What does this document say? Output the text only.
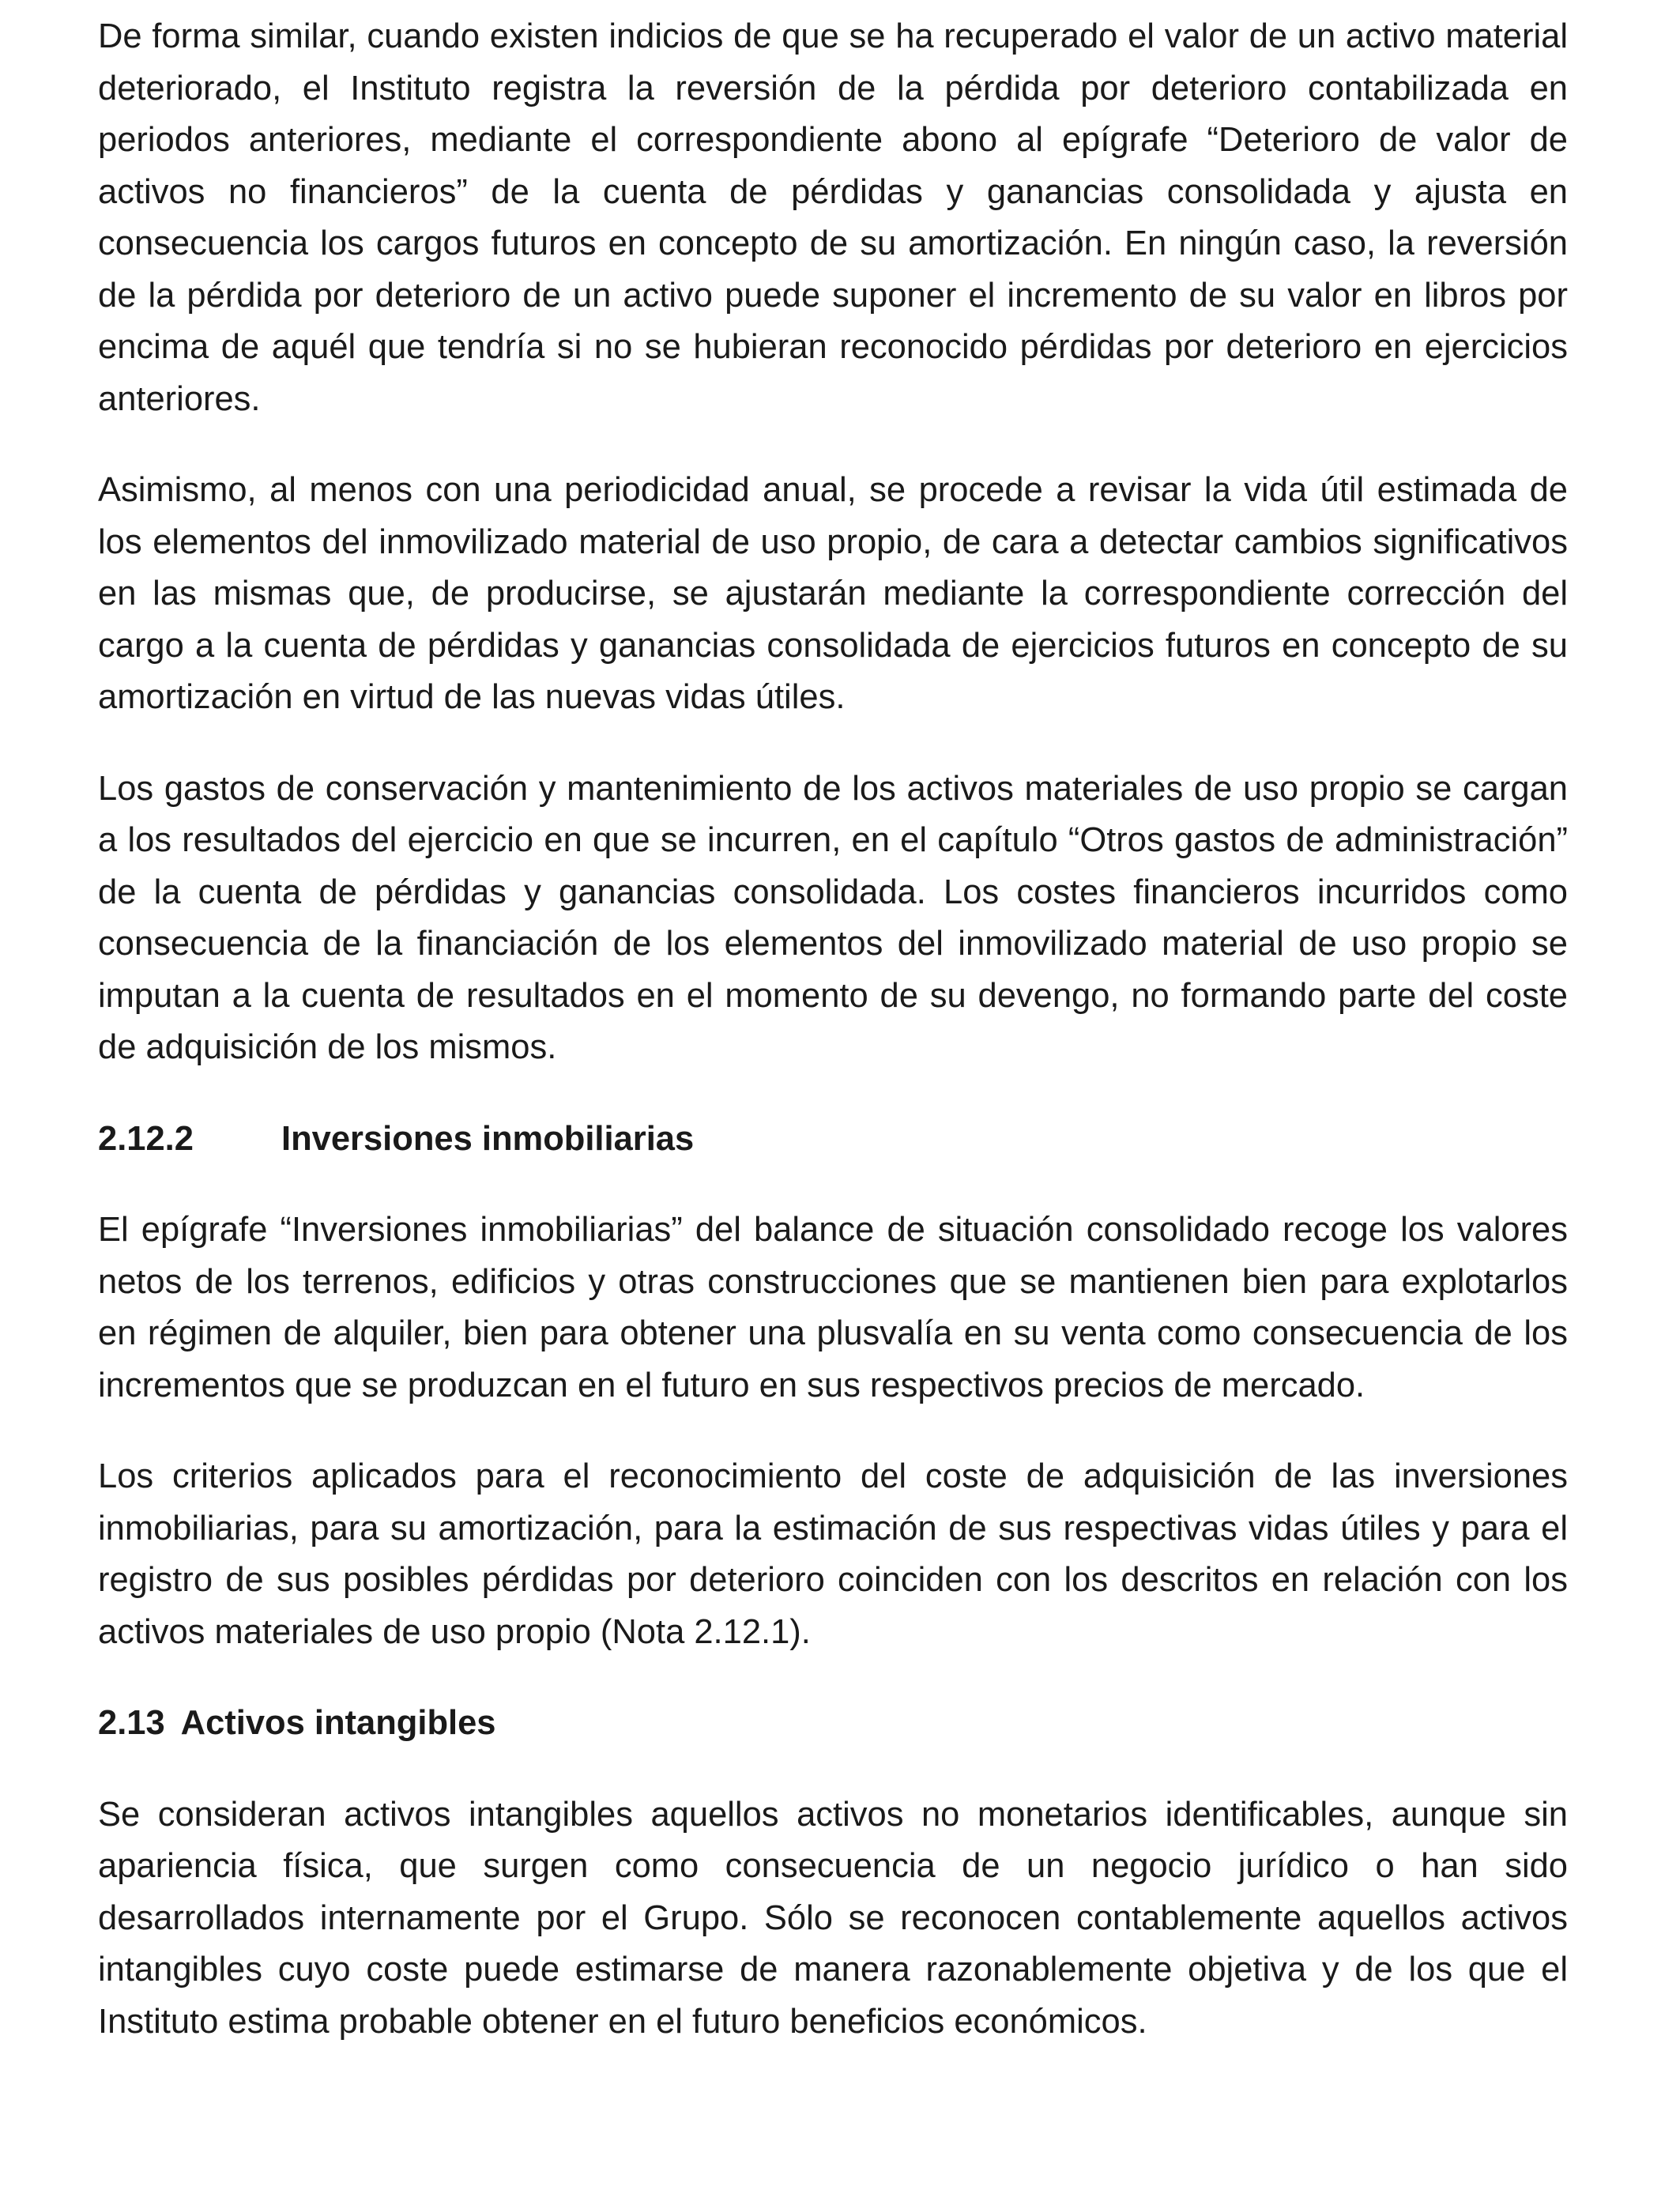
De forma similar, cuando existen indicios de que se ha recuperado el valor de un activo material deteriorado, el Instituto registra la reversión de la pérdida por deterioro contabilizada en periodos anteriores, mediante el correspondiente abono al epígrafe “Deterioro de valor de activos no financieros” de la cuenta de pérdidas y ganancias consolidada y ajusta en consecuencia los cargos futuros en concepto de su amortización. En ningún caso, la reversión de la pérdida por deterioro de un activo puede suponer el incremento de su valor en libros por encima de aquél que tendría si no se hubieran reconocido pérdidas por deterioro en ejercicios anteriores.

Asimismo, al menos con una periodicidad anual, se procede a revisar la vida útil estimada de los elementos del inmovilizado material de uso propio, de cara a detectar cambios significativos en las mismas que, de producirse, se ajustarán mediante la correspondiente corrección del cargo a la cuenta de pérdidas y ganancias consolidada de ejercicios futuros en concepto de su amortización en virtud de las nuevas vidas útiles.

Los gastos de conservación y mantenimiento de los activos materiales de uso propio se cargan a los resultados del ejercicio en que se incurren, en el capítulo “Otros gastos de administración” de la cuenta de pérdidas y ganancias consolidada. Los costes financieros incurridos como consecuencia de la financiación de los elementos del inmovilizado material de uso propio se imputan a la cuenta de resultados en el momento de su devengo, no formando parte del coste de adquisición de los mismos.

2.12.2	Inversiones inmobiliarias

El epígrafe “Inversiones inmobiliarias” del balance de situación consolidado recoge los valores netos de los terrenos, edificios y otras construcciones que se mantienen bien para explotarlos en régimen de alquiler, bien para obtener una plusvalía en su venta como consecuencia de los incrementos que se produzcan en el futuro en sus respectivos precios de mercado.

Los criterios aplicados para el reconocimiento del coste de adquisición de las inversiones inmobiliarias, para su amortización, para la estimación de sus respectivas vidas útiles y para el registro de sus posibles pérdidas por deterioro coinciden con los descritos en relación con los activos materiales de uso propio (Nota 2.12.1).

2.13 Activos intangibles

Se consideran activos intangibles aquellos activos no monetarios identificables, aunque sin apariencia física, que surgen como consecuencia de un negocio jurídico o han sido desarrollados internamente por el Grupo. Sólo se reconocen contablemente aquellos activos intangibles cuyo coste puede estimarse de manera razonablemente objetiva y de los que el Instituto estima probable obtener en el futuro beneficios económicos.
